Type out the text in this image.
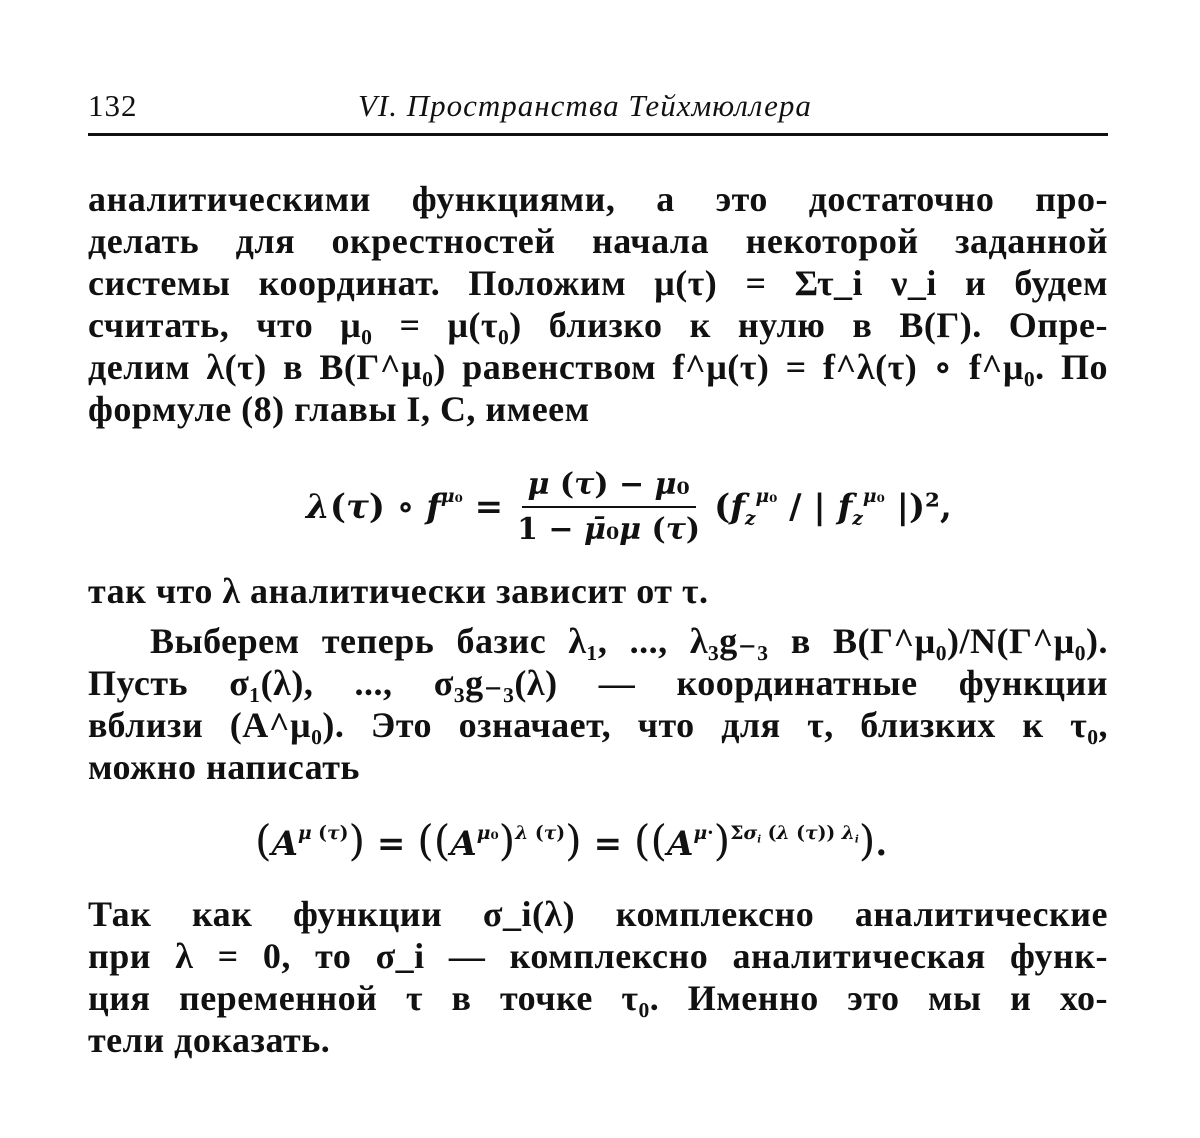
132	VI. Пространства Тейхмюллера
аналитическими функциями, а это достаточно про-
делать для окрестностей начала некоторой заданной
системы координат. Положим μ(τ) = Στ_i ν_i и будем
считать, что μ₀ = μ(τ₀) близко к нулю в B(Γ). Опре-
делим λ(τ) в B(Γ^μ₀) равенством f^μ(τ) = f^λ(τ) ∘ f^μ₀. По
формуле (8) главы I, C, имеем
λ(τ) ∘ $f^{\mu_0} = \frac{\text{μ (τ) − μ₀}}{\text{1 − μ̄₀μ (τ)}} (f_z^{\mu_0}$ / | $f_z^{\mu_0}$ |)²,
так что λ аналитически зависит от τ.
Выберем теперь базис λ₁, ..., λ₃g₋₃ в B(Γ^μ₀)/N(Γ^μ₀).
Пусть σ₁(λ), ..., σ₃g₋₃(λ) — координатные функции
вблизи (A^μ₀). Это означает, что для τ, близких к τ₀,
можно написать
$(A^{\mu (\tau)}) = ((A^{\mu_0})^{\lambda (\tau)}) = ((A^{\mu\cdot})^{\Sigma\sigma_i (\lambda (\tau)) \lambda_i})$.
Так как функции σ_i(λ) комплексно аналитические
при λ = 0, то σ_i — комплексно аналитическая функ-
ция переменной τ в точке τ₀. Именно это мы и хо-
тели доказать.
